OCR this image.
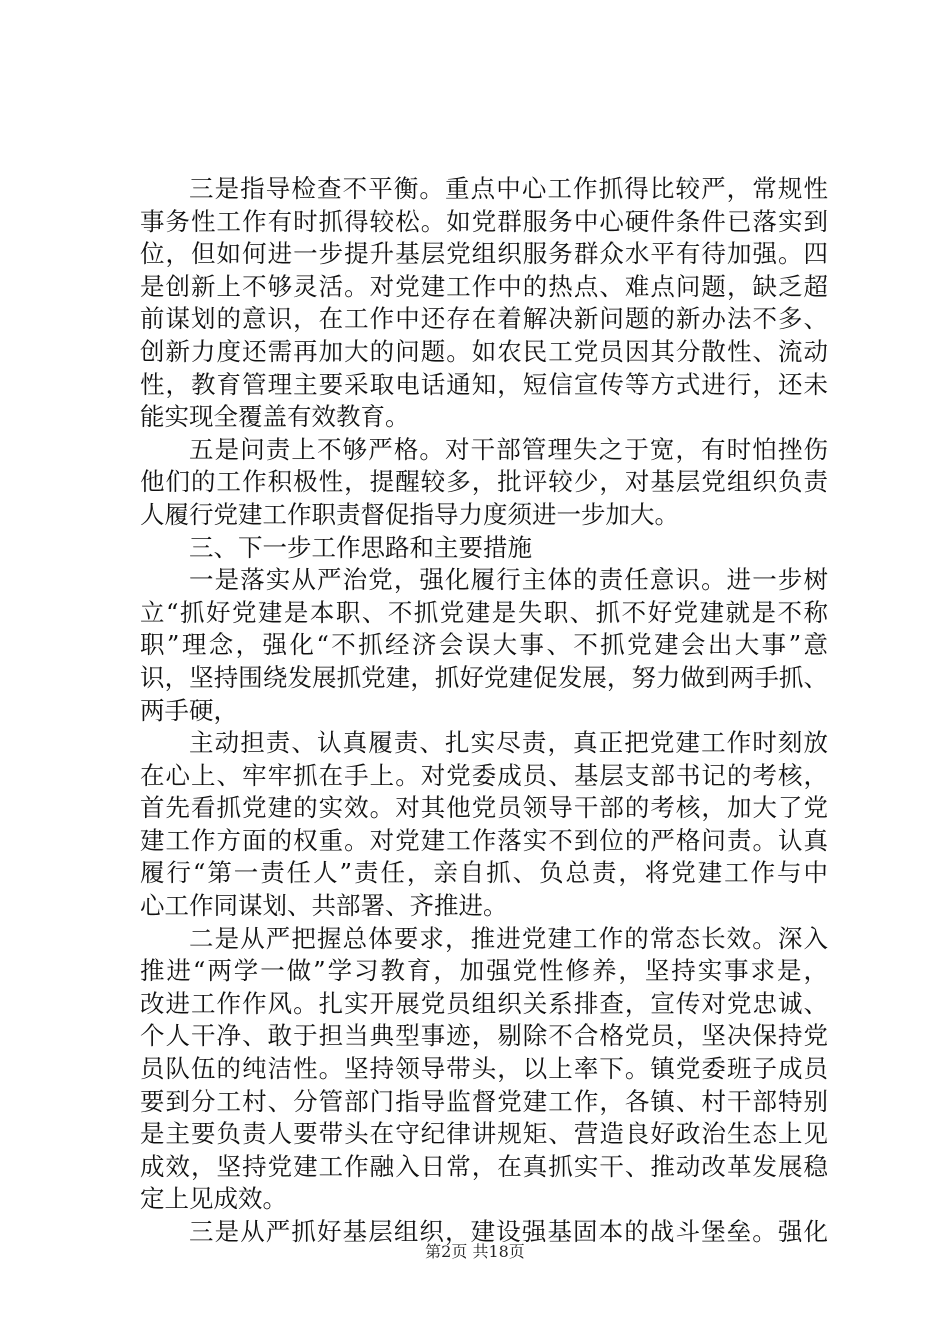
三是指导检查不平衡。重点中心工作抓得比较严，常规性
事务性工作有时抓得较松。如党群服务中心硬件条件已落实到
位，但如何进一步提升基层党组织服务群众水平有待加强。四
是创新上不够灵活。对党建工作中的热点、难点问题，缺乏超
前谋划的意识，在工作中还存在着解决新问题的新办法不多、
创新力度还需再加大的问题。如农民工党员因其分散性、流动
性，教育管理主要采取电话通知，短信宣传等方式进行，还未
能实现全覆盖有效教育。
五是问责上不够严格。对干部管理失之于宽，有时怕挫伤
他们的工作积极性，提醒较多，批评较少，对基层党组织负责
人履行党建工作职责督促指导力度须进一步加大。
三、下一步工作思路和主要措施
一是落实从严治党，强化履行主体的责任意识。进一步树
立“抓好党建是本职、不抓党建是失职、抓不好党建就是不称
职”理念，强化“不抓经济会误大事、不抓党建会出大事”意
识，坚持围绕发展抓党建，抓好党建促发展，努力做到两手抓、
两手硬，
主动担责、认真履责、扎实尽责，真正把党建工作时刻放
在心上、牢牢抓在手上。对党委成员、基层支部书记的考核，
首先看抓党建的实效。对其他党员领导干部的考核，加大了党
建工作方面的权重。对党建工作落实不到位的严格问责。认真
履行“第一责任人”责任，亲自抓、负总责，将党建工作与中
心工作同谋划、共部署、齐推进。
二是从严把握总体要求，推进党建工作的常态长效。深入
推进“两学一做”学习教育，加强党性修养，坚持实事求是，
改进工作作风。扎实开展党员组织关系排查，宣传对党忠诚、
个人干净、敢于担当典型事迹，剔除不合格党员，坚决保持党
员队伍的纯洁性。坚持领导带头，以上率下。镇党委班子成员
要到分工村、分管部门指导监督党建工作，各镇、村干部特别
是主要负责人要带头在守纪律讲规矩、营造良好政治生态上见
成效，坚持党建工作融入日常，在真抓实干、推动改革发展稳
定上见成效。
三是从严抓好基层组织，建设强基固本的战斗堡垒。强化
第2页 共18页
